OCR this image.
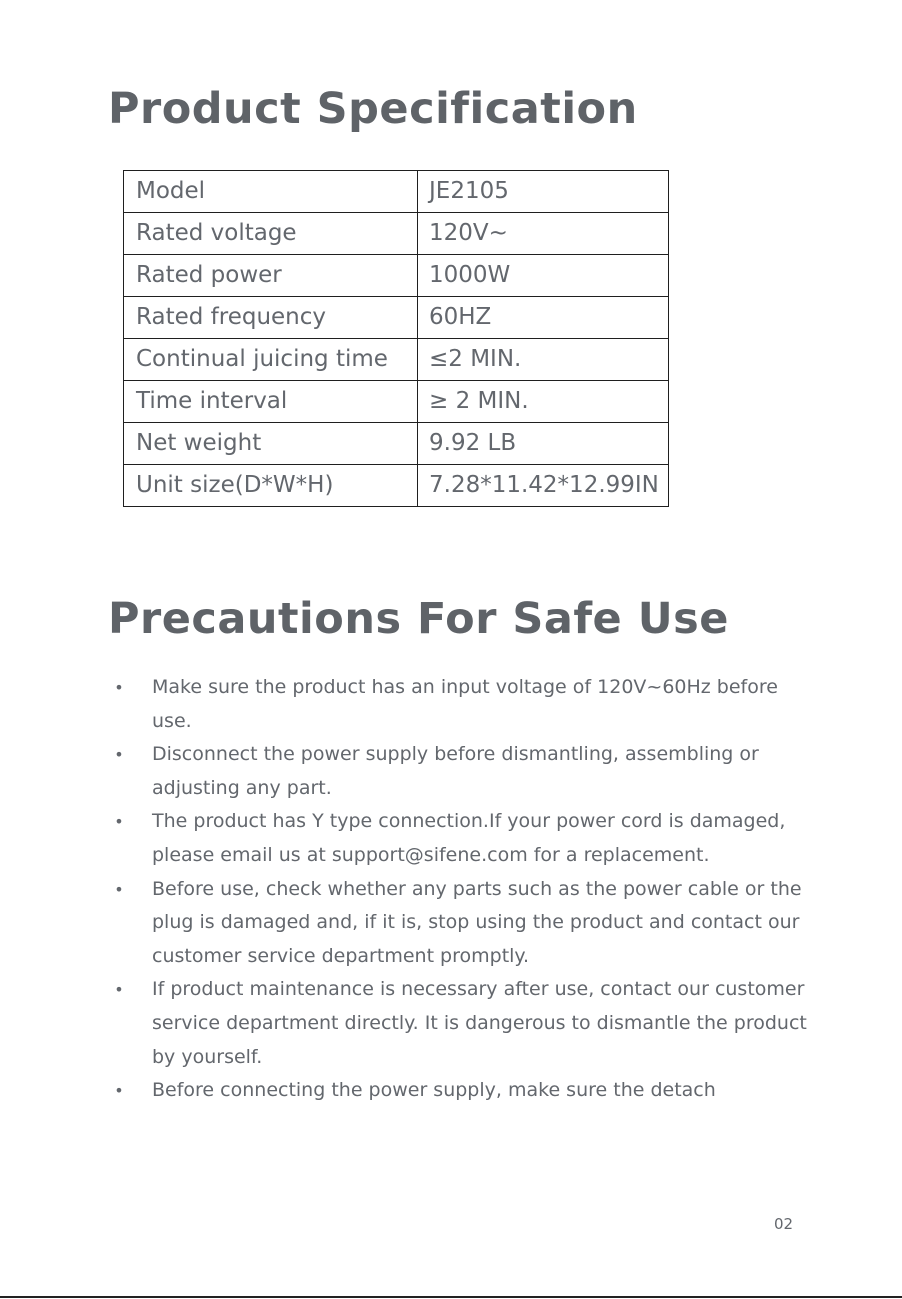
Product Specification
Model	JE2105
Rated voltage	120V~
Rated power	1000W
Rated frequency	60HZ
Continual juicing time	≤2 MIN.
Time interval	≥ 2 MIN.
Net weight	9.92 LB
Unit size(D*W*H)	7.28*11.42*12.99IN
Precautions For Safe Use
• Make sure the product has an input voltage of 120V~60Hz before use.
• Disconnect the power supply before dismantling, assembling or adjusting any part.
• The product has Y type connection.If your power cord is damaged, please email us at support@sifene.com for a replacement.
• Before use, check whether any parts such as the power cable or the plug is damaged and, if it is, stop using the product and contact our customer service department promptly.
• If product maintenance is necessary after use, contact our customer service department directly. It is dangerous to dismantle the product by yourself.
• Before connecting the power supply, make sure the detach
02
